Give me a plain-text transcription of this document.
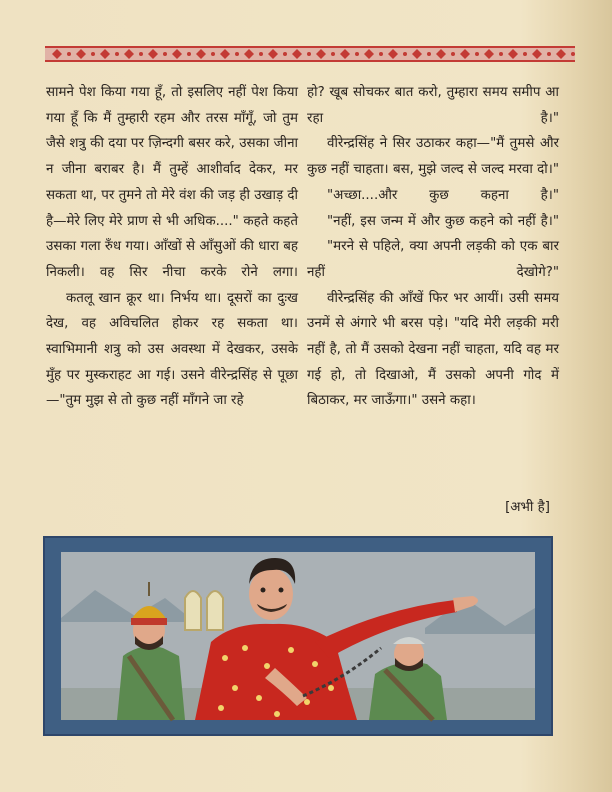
सामने पेश किया गया हूँ, तो इसलिए नहीं पेश किया गया हूँ कि मैं तुम्हारी रहम और तरस माँगूँ, जो तुम जैसे शत्रु की दया पर ज़िन्दगी बसर करे, उसका जीना न जीना बराबर है। मैं तुम्हें आशीर्वाद देकर, मर सकता था, पर तुमने तो मेरे वंश की जड़ ही उखाड़ दी है—मेरे लिए मेरे प्राण से भी अधिक...." कहते कहते उसका गला रुँध गया। आँखों से आँसुओं की धारा बह निकली। वह सिर नीचा करके रोने लगा।

कतलू खान क्रूर था। निर्भय था। दूसरों का दुःख देख, वह अविचलित होकर रह सकता था। स्वाभिमानी शत्रु को उस अवस्था में देखकर, उसके मुँह पर मुस्कराहट आ गई। उसने वीरेन्द्रसिंह से पूछा—"तुम मुझ से तो कुछ नहीं माँगने जा रहे

हो? खूब सोचकर बात करो, तुम्हारा समय समीप आ रहा है।"

वीरेन्द्रसिंह ने सिर उठाकर कहा—"मैं तुमसे और कुछ नहीं चाहता। बस, मुझे जल्द से जल्द मरवा दो।"

"अच्छा....और कुछ कहना है।"

"नहीं, इस जन्म में और कुछ कहने को नहीं है।"

"मरने से पहिले, क्या अपनी लड़की को एक बार नहीं देखोगे?"

वीरेन्द्रसिंह की आँखें फिर भर आयीं। उसी समय उनमें से अंगारे भी बरस पड़े। "यदि मेरी लड़की मरी नहीं है, तो मैं उसको देखना नहीं चाहता, यदि वह मर गई हो, तो दिखाओ, मैं उसको अपनी गोद में बिठाकर, मर जाऊँगा।" उसने कहा।

[अभी है]
